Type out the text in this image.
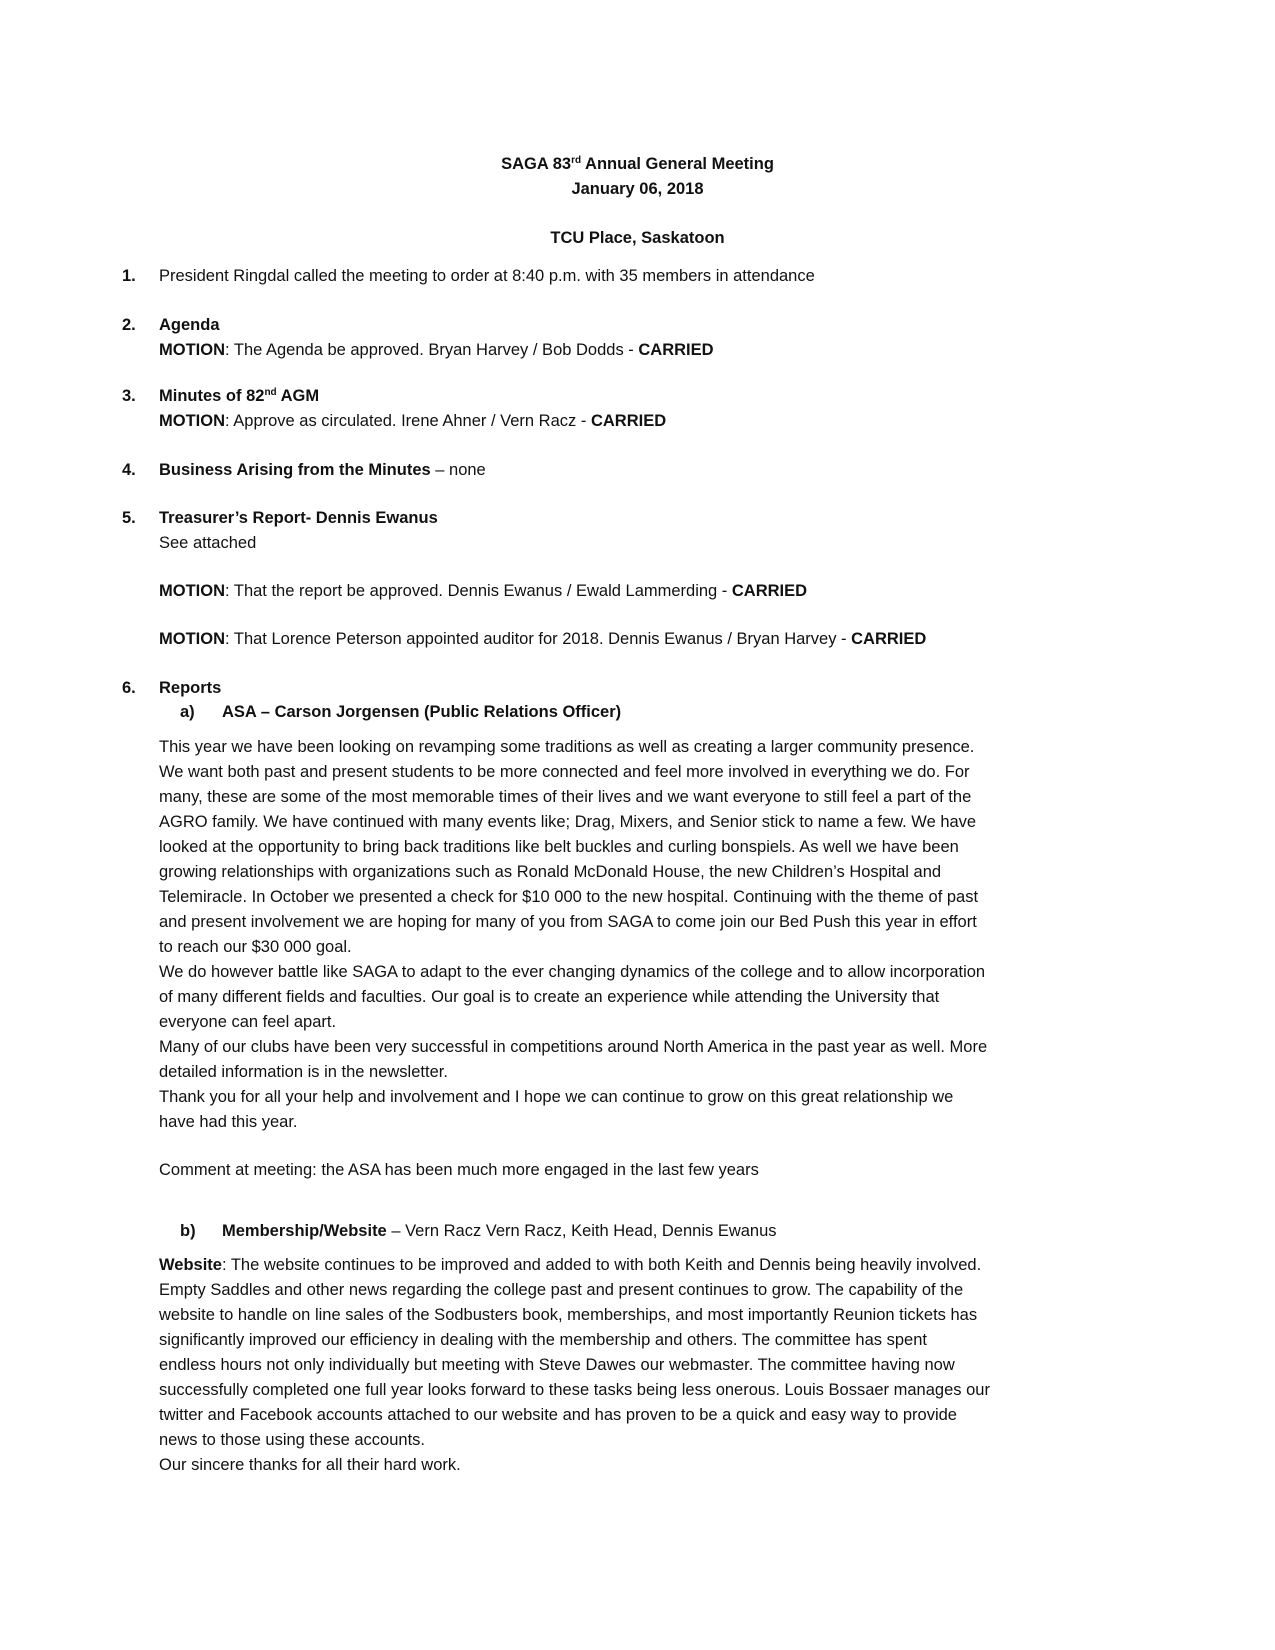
SAGA 83rd Annual General Meeting
January 06, 2018
TCU Place, Saskatoon
1. President Ringdal called the meeting to order at 8:40 p.m. with 35 members in attendance
2. Agenda
MOTION: The Agenda be approved. Bryan Harvey / Bob Dodds - CARRIED
3. Minutes of 82nd AGM
MOTION: Approve as circulated. Irene Ahner / Vern Racz - CARRIED
4. Business Arising from the Minutes – none
5. Treasurer’s Report- Dennis Ewanus
See attached
MOTION: That the report be approved. Dennis Ewanus / Ewald Lammerding - CARRIED
MOTION: That Lorence Peterson appointed auditor for 2018. Dennis Ewanus / Bryan Harvey - CARRIED
6. Reports
a) ASA – Carson Jorgensen (Public Relations Officer)
This year we have been looking on revamping some traditions as well as creating a larger community presence.
We want both past and present students to be more connected and feel more involved in everything we do. For
many, these are some of the most memorable times of their lives and we want everyone to still feel a part of the
AGRO family. We have continued with many events like; Drag, Mixers, and Senior stick to name a few. We have
looked at the opportunity to bring back traditions like belt buckles and curling bonspiels. As well we have been
growing relationships with organizations such as Ronald McDonald House, the new Children’s Hospital and
Telemiracle. In October we presented a check for $10 000 to the new hospital. Continuing with the theme of past
and present involvement we are hoping for many of you from SAGA to come join our Bed Push this year in effort
to reach our $30 000 goal.
We do however battle like SAGA to adapt to the ever changing dynamics of the college and to allow incorporation
of many different fields and faculties. Our goal is to create an experience while attending the University that
everyone can feel apart.
Many of our clubs have been very successful in competitions around North America in the past year as well. More
detailed information is in the newsletter.
Thank you for all your help and involvement and I hope we can continue to grow on this great relationship we
have had this year.
Comment at meeting: the ASA has been much more engaged in the last few years
b) Membership/Website – Vern Racz Vern Racz, Keith Head, Dennis Ewanus
Website: The website continues to be improved and added to with both Keith and Dennis being heavily involved.
Empty Saddles and other news regarding the college past and present continues to grow. The capability of the
website to handle on line sales of the Sodbusters book, memberships, and most importantly Reunion tickets has
significantly improved our efficiency in dealing with the membership and others. The committee has spent
endless hours not only individually but meeting with Steve Dawes our webmaster. The committee having now
successfully completed one full year looks forward to these tasks being less onerous. Louis Bossaer manages our
twitter and Facebook accounts attached to our website and has proven to be a quick and easy way to provide
news to those using these accounts.
Our sincere thanks for all their hard work.
